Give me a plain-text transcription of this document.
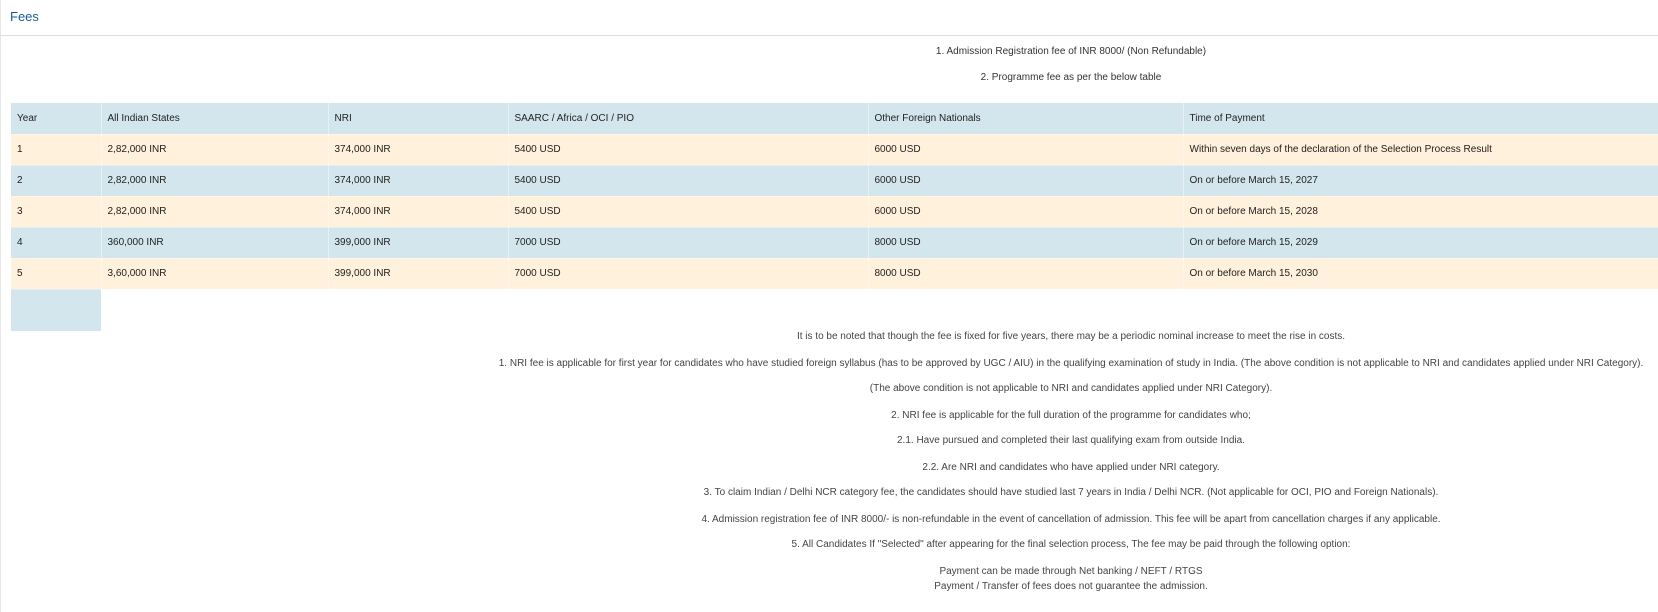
Fees
1. Admission Registration fee of INR 8000/ (Non Refundable)
2. Programme fee as per the below table
Year	All Indian States	NRI	SAARC / Africa / OCI / PIO	Other Foreign Nationals	Time of Payment
1	2,82,000 INR	374,000 INR	5400 USD	6000 USD	Within seven days of the declaration of the Selection Process Result
2	2,82,000 INR	374,000 INR	5400 USD	6000 USD	On or before March 15, 2027
3	2,82,000 INR	374,000 INR	5400 USD	6000 USD	On or before March 15, 2028
4	360,000 INR	399,000 INR	7000 USD	8000 USD	On or before March 15, 2029
5	3,60,000 INR	399,000 INR	7000 USD	8000 USD	On or before March 15, 2030

It is to be noted that though the fee is fixed for five years, there may be a periodic nominal increase to meet the rise in costs.
1. NRI fee is applicable for first year for candidates who have studied foreign syllabus (has to be approved by UGC / AIU) in the qualifying examination of study in India. (The above condition is not applicable to NRI and candidates applied under NRI Category).
(The above condition is not applicable to NRI and candidates applied under NRI Category).
2. NRI fee is applicable for the full duration of the programme for candidates who;
2.1. Have pursued and completed their last qualifying exam from outside India.
2.2. Are NRI and candidates who have applied under NRI category.
3. To claim Indian / Delhi NCR category fee, the candidates should have studied last 7 years in India / Delhi NCR. (Not applicable for OCI, PIO and Foreign Nationals).
4. Admission registration fee of INR 8000/- is non-refundable in the event of cancellation of admission. This fee will be apart from cancellation charges if any applicable.
5. All Candidates If "Selected" after appearing for the final selection process, The fee may be paid through the following option:
Payment can be made through Net banking / NEFT / RTGS
Payment / Transfer of fees does not guarantee the admission.
